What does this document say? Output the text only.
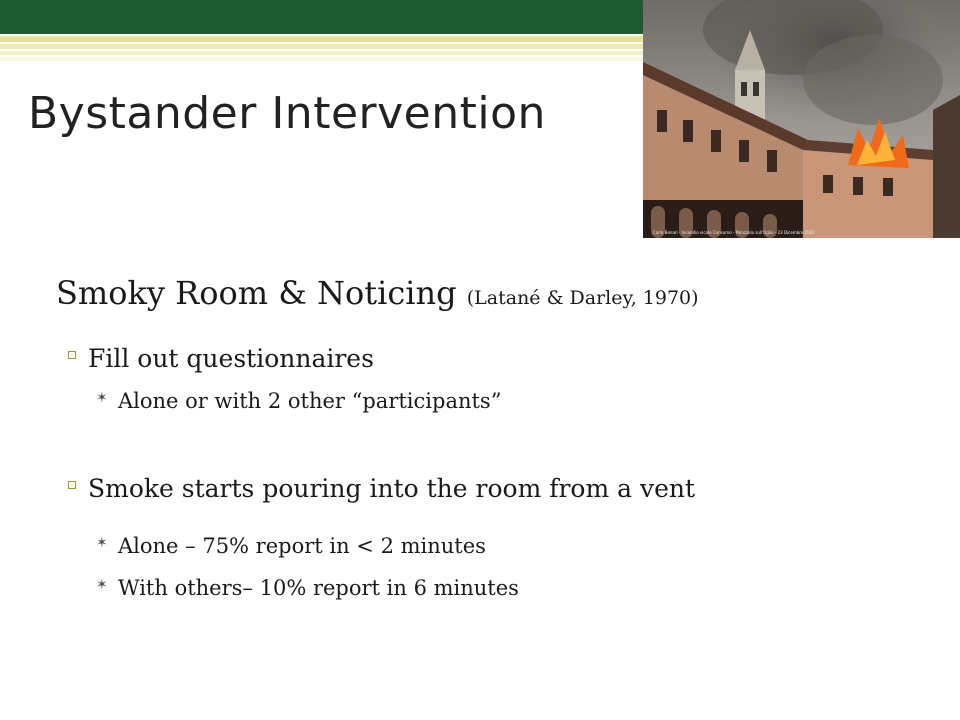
Bystander Intervention
Carlo Benari - Incendio vicolo Consumo - Palazzolo sull'Oglio - 23 Dicembre 2007
Smoky Room & Noticing (Latané & Darley, 1970)
Fill out questionnaires
✶ Alone or with 2 other “participants”
Smoke starts pouring into the room from a vent
✶ Alone – 75% report in < 2 minutes
✶ With others– 10% report in 6 minutes
